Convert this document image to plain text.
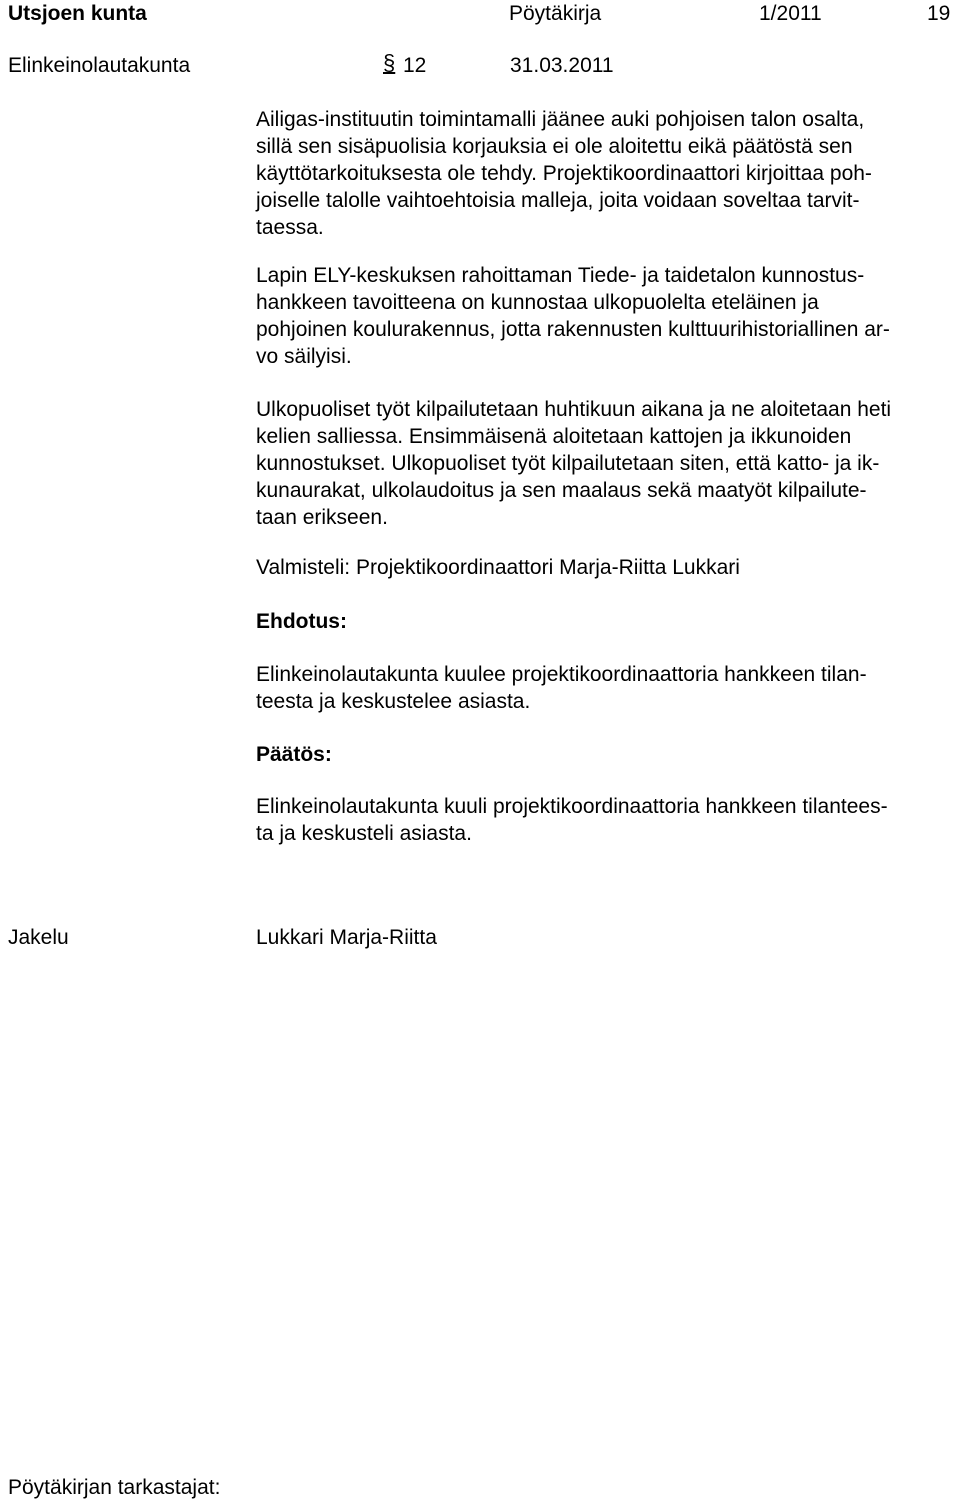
Utsjoen kunta	Pöytäkirja	1/2011	19
Elinkeinolautakunta	§ 12	31.03.2011
Ailigas-instituutin toimintamalli jäänee auki pohjoisen talon osalta,
sillä sen sisäpuolisia korjauksia ei ole aloitettu eikä päätöstä sen
käyttötarkoituksesta ole tehdy. Projektikoordinaattori kirjoittaa poh-
joiselle talolle vaihtoehtoisia malleja, joita voidaan soveltaa tarvit-
taessa.
Lapin ELY-keskuksen rahoittaman Tiede- ja taidetalon kunnostus-
hankkeen tavoitteena on kunnostaa ulkopuolelta eteläinen ja
pohjoinen koulurakennus, jotta rakennusten kulttuurihistoriallinen ar-
vo säilyisi.
Ulkopuoliset työt kilpailutetaan huhtikuun aikana ja ne aloitetaan heti
kelien salliessa. Ensimmäisenä aloitetaan kattojen ja ikkunoiden
kunnostukset. Ulkopuoliset työt kilpailutetaan siten, että katto- ja ik-
kunaurakat, ulkolaudoitus ja sen maalaus sekä maatyöt kilpailute-
taan erikseen.
Valmisteli: Projektikoordinaattori Marja-Riitta Lukkari
Ehdotus:
Elinkeinolautakunta kuulee projektikoordinaattoria hankkeen tilan-
teesta ja keskustelee asiasta.
Päätös:
Elinkeinolautakunta kuuli projektikoordinaattoria hankkeen tilantees-
ta ja keskusteli asiasta.
Jakelu	Lukkari Marja-Riitta
Pöytäkirjan tarkastajat:
